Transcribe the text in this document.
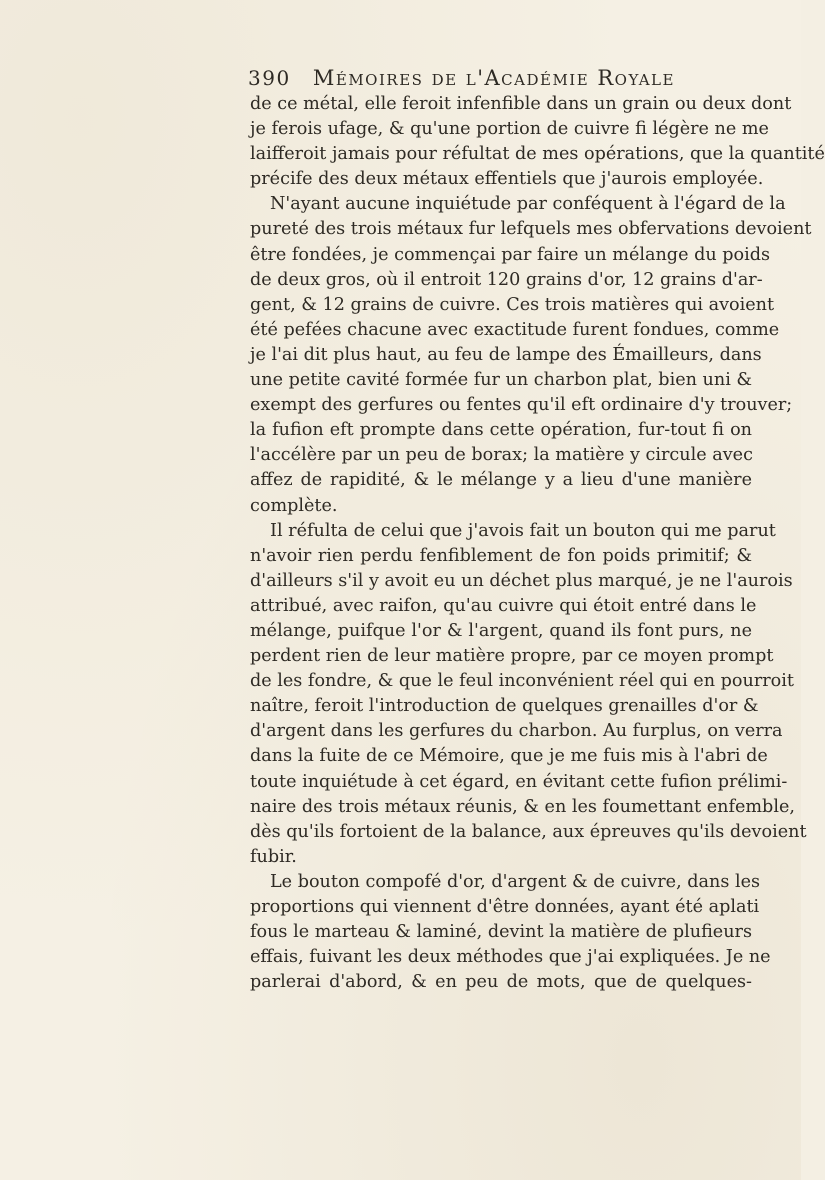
390 Mémoires de l'Académie Royale
de ce métal, elle feroit infenfible dans un grain ou deux dont
je ferois ufage, & qu'une portion de cuivre fi légère ne me
laifferoit jamais pour réfultat de mes opérations, que la quantité
précife des deux métaux effentiels que j'aurois employée.
N'ayant aucune inquiétude par conféquent à l'égard de la
pureté des trois métaux fur lefquels mes obfervations devoient
être fondées, je commençai par faire un mélange du poids
de deux gros, où il entroit 120 grains d'or, 12 grains d'ar-
gent, & 12 grains de cuivre. Ces trois matières qui avoient
été pefées chacune avec exactitude furent fondues, comme
je l'ai dit plus haut, au feu de lampe des Émailleurs, dans
une petite cavité formée fur un charbon plat, bien uni &
exempt des gerfures ou fentes qu'il eft ordinaire d'y trouver;
la fufion eft prompte dans cette opération, fur-tout fi on
l'accélère par un peu de borax; la matière y circule avec
affez de rapidité, & le mélange y a lieu d'une manière
complète.
Il réfulta de celui que j'avois fait un bouton qui me parut
n'avoir rien perdu fenfiblement de fon poids primitif; &
d'ailleurs s'il y avoit eu un déchet plus marqué, je ne l'aurois
attribué, avec raifon, qu'au cuivre qui étoit entré dans le
mélange, puifque l'or & l'argent, quand ils font purs, ne
perdent rien de leur matière propre, par ce moyen prompt
de les fondre, & que le feul inconvénient réel qui en pourroit
naître, feroit l'introduction de quelques grenailles d'or &
d'argent dans les gerfures du charbon. Au furplus, on verra
dans la fuite de ce Mémoire, que je me fuis mis à l'abri de
toute inquiétude à cet égard, en évitant cette fufion prélimi-
naire des trois métaux réunis, & en les foumettant enfemble,
dès qu'ils fortoient de la balance, aux épreuves qu'ils devoient
fubir.
Le bouton compofé d'or, d'argent & de cuivre, dans les
proportions qui viennent d'être données, ayant été aplati
fous le marteau & laminé, devint la matière de plufieurs
effais, fuivant les deux méthodes que j'ai expliquées. Je ne
parlerai d'abord, & en peu de mots, que de quelques-
